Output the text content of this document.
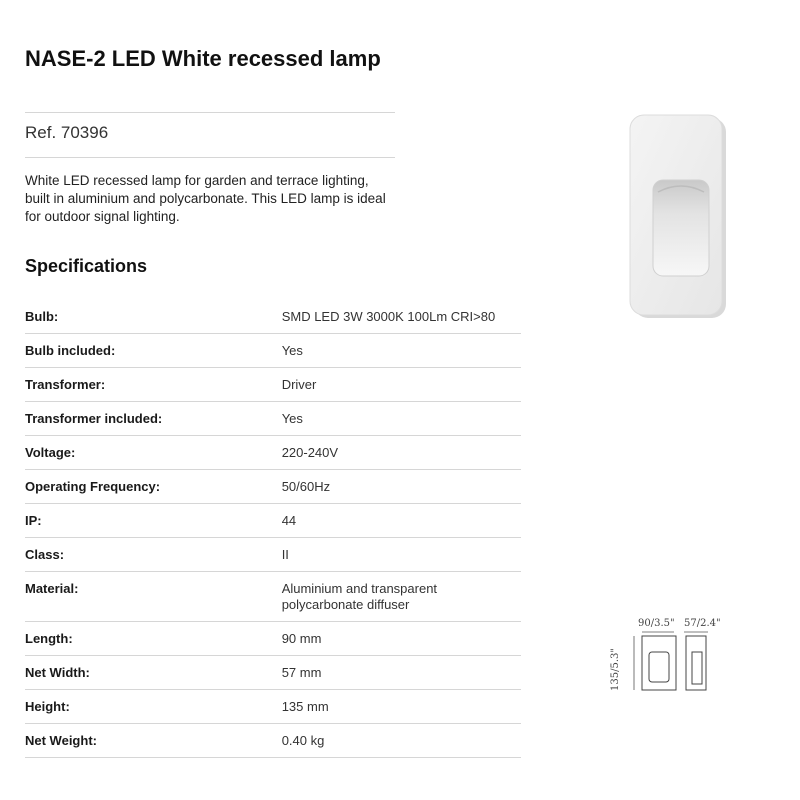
NASE-2 LED White recessed lamp
Ref. 70396

White LED recessed lamp for garden and terrace lighting, built in aluminium and polycarbonate. This LED lamp is ideal for outdoor signal lighting.

Specifications
Bulb:	SMD LED 3W 3000K 100Lm CRI>80
Bulb included:	Yes
Transformer:	Driver
Transformer included:	Yes
Voltage:	220-240V
Operating Frequency:	50/60Hz
IP:	44
Class:	II
Material:	Aluminium and transparent polycarbonate diffuser
Length:	90 mm
Net Width:	57 mm
Height:	135 mm
Net Weight:	0.40 kg
90/3.5" 57/2.4"
135/5.3"
